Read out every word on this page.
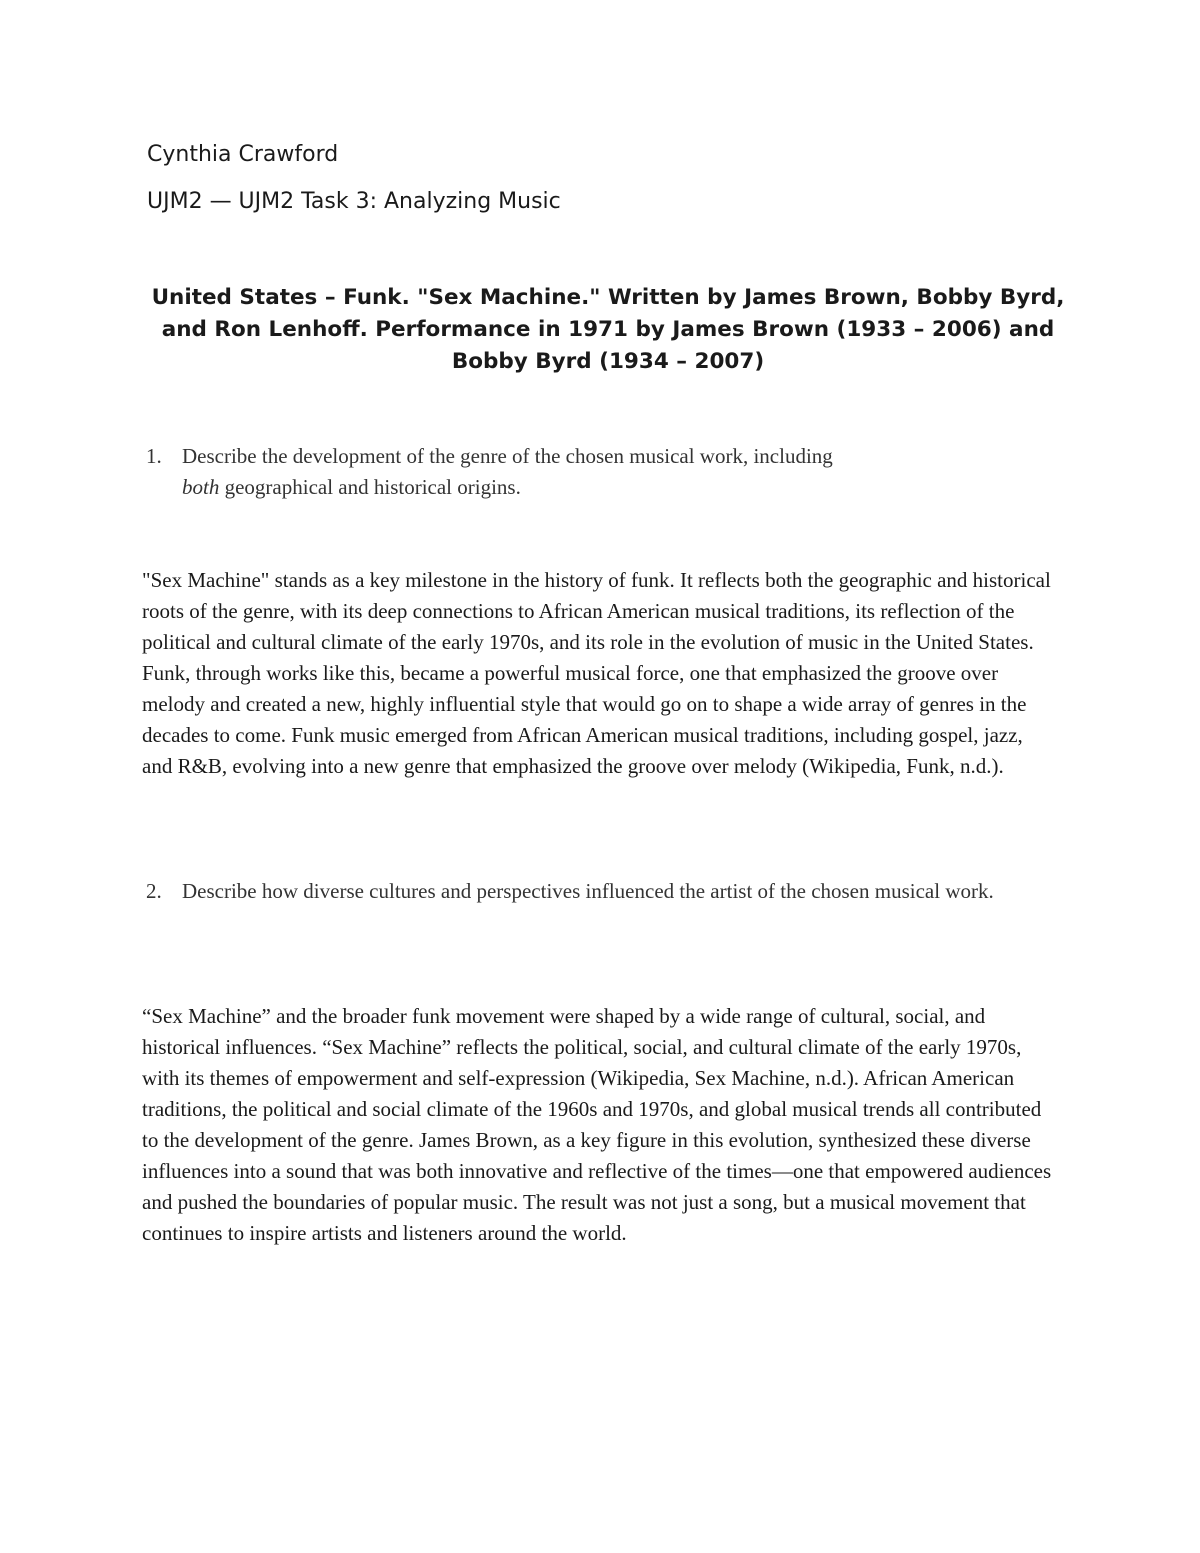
Cynthia Crawford

UJM2 — UJM2 Task 3: Analyzing Music

United States – Funk. "Sex Machine." Written by James Brown, Bobby Byrd, and Ron Lenhoff. Performance in 1971 by James Brown (1933 – 2006) and Bobby Byrd (1934 – 2007)

1. Describe the development of the genre of the chosen musical work, including both geographical and historical origins.

"Sex Machine" stands as a key milestone in the history of funk. It reflects both the geographic and historical roots of the genre, with its deep connections to African American musical traditions, its reflection of the political and cultural climate of the early 1970s, and its role in the evolution of music in the United States. Funk, through works like this, became a powerful musical force, one that emphasized the groove over melody and created a new, highly influential style that would go on to shape a wide array of genres in the decades to come. Funk music emerged from African American musical traditions, including gospel, jazz, and R&B, evolving into a new genre that emphasized the groove over melody (Wikipedia, Funk, n.d.).

2. Describe how diverse cultures and perspectives influenced the artist of the chosen musical work.

“Sex Machine” and the broader funk movement were shaped by a wide range of cultural, social, and historical influences. “Sex Machine” reflects the political, social, and cultural climate of the early 1970s, with its themes of empowerment and self-expression (Wikipedia, Sex Machine, n.d.). African American traditions, the political and social climate of the 1960s and 1970s, and global musical trends all contributed to the development of the genre. James Brown, as a key figure in this evolution, synthesized these diverse influences into a sound that was both innovative and reflective of the times—one that empowered audiences and pushed the boundaries of popular music. The result was not just a song, but a musical movement that continues to inspire artists and listeners around the world.
